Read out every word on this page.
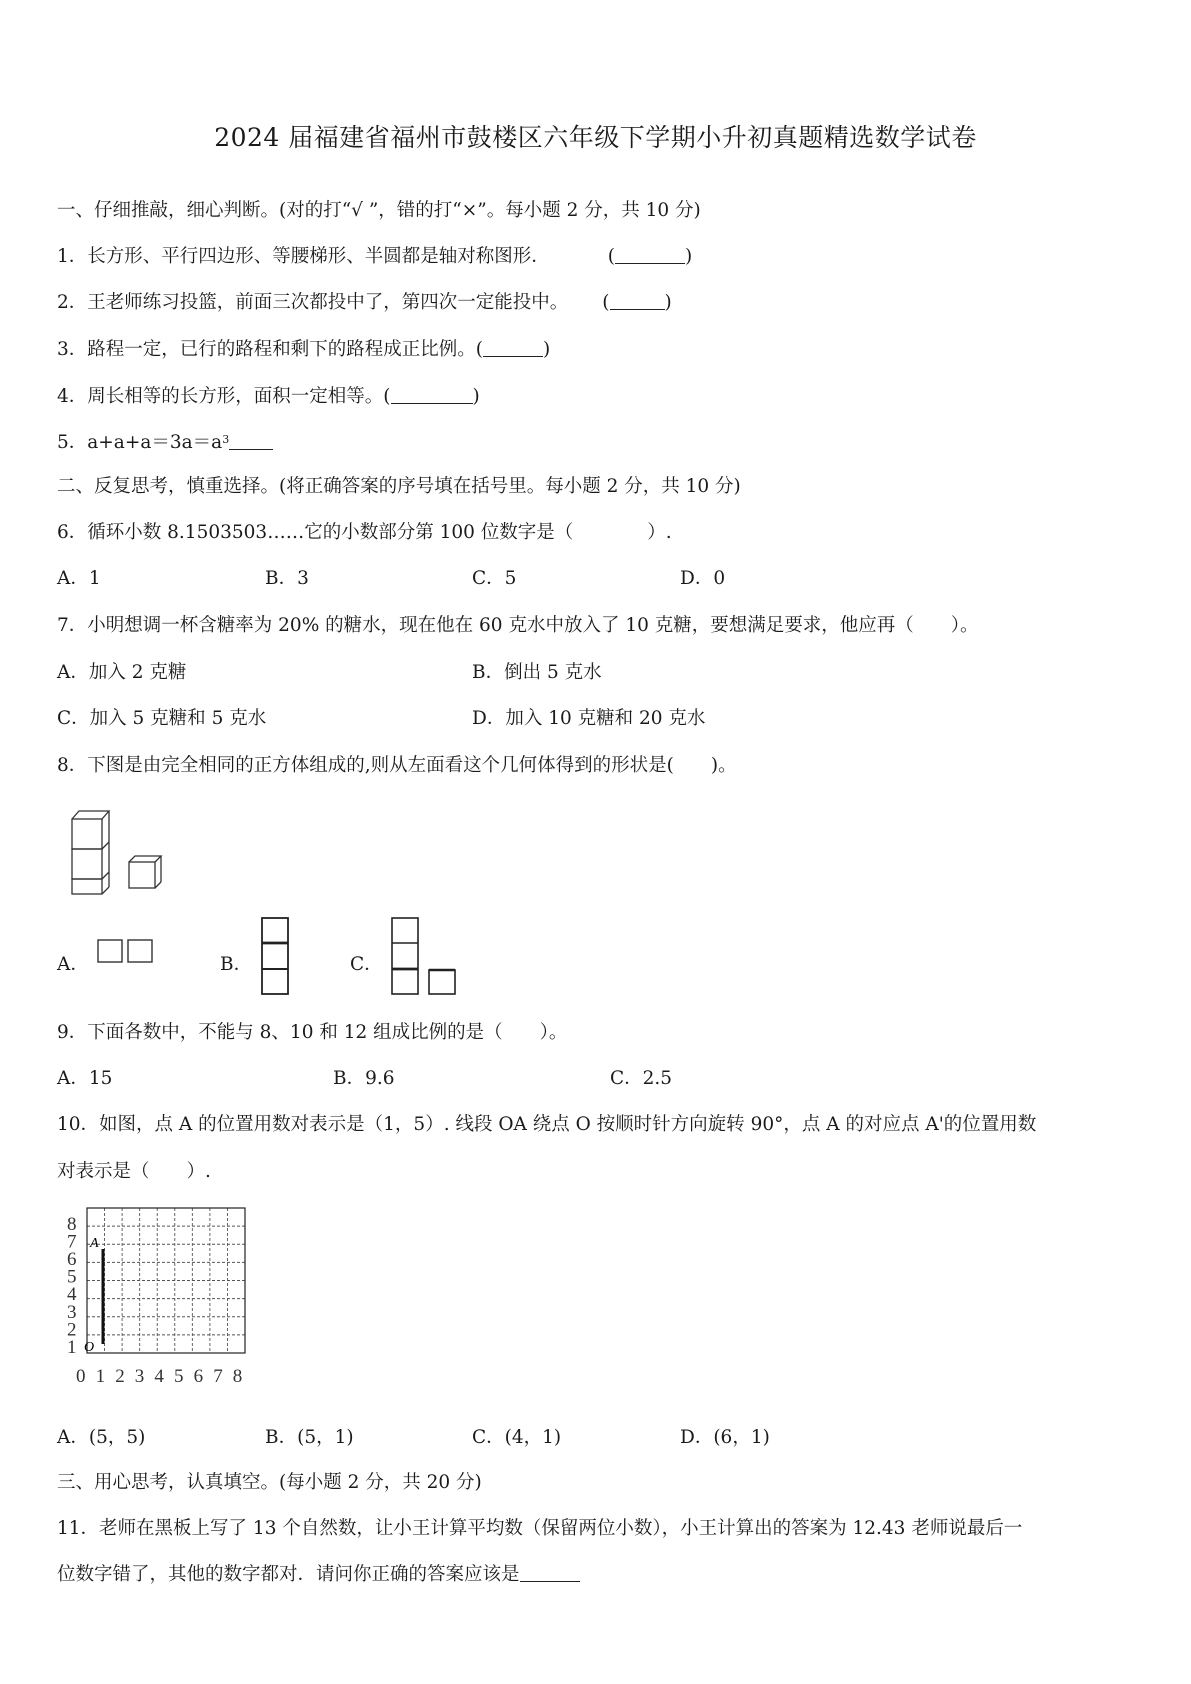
2024 届福建省福州市鼓楼区六年级下学期小升初真题精选数学试卷
一、仔细推敲，细心判断。(对的打“√ ”，错的打“×”。每小题 2 分，共 10 分)
1．长方形、平行四边形、等腰梯形、半圆都是轴对称图形．	(	)
2．王老师练习投篮，前面三次都投中了，第四次一定能投中。 (	)
3．路程一定，已行的路程和剩下的路程成正比例。(	)
4．周长相等的长方形，面积一定相等。(	)
5．$a+a+a=3a=a^3$
二、反复思考，慎重选择。(将正确答案的序号填在括号里。每小题 2 分，共 10 分)
6．循环小数 8.1503503……它的小数部分第 100 位数字是（　　　　）.
A．1	B．3	C．5	D．0
7．小明想调一杯含糖率为 20% 的糖水，现在他在 60 克水中放入了 10 克糖，要想满足要求，他应再（　　）。
A．加入 2 克糖	B．倒出 5 克水
C．加入 5 克糖和 5 克水	D．加入 10 克糖和 20 克水
8．下图是由完全相同的正方体组成的,则从左面看这个几何体得到的形状是(　　)。
A．	B．	C．
9．下面各数中，不能与 8、10 和 12 组成比例的是（　　）。
A．15	B．9.6	C．2.5
10．如图，点 A 的位置用数对表示是（1，5）. 线段 OA 绕点 O 按顺时针方向旋转 90°，点 A 的对应点 A'的位置用数
对表示是（　　）.
A
O
0 1 2 3 4 5 6 7 8
1
2
3
4
5
6
7
8
A．(5，5)	B．(5，1)	C．(4，1)	D．(6，1)
三、用心思考，认真填空。(每小题 2 分，共 20 分)
11．老师在黑板上写了 13 个自然数，让小王计算平均数（保留两位小数），小王计算出的答案为 12.43 老师说最后一
位数字错了，其他的数字都对．请问你正确的答案应该是
